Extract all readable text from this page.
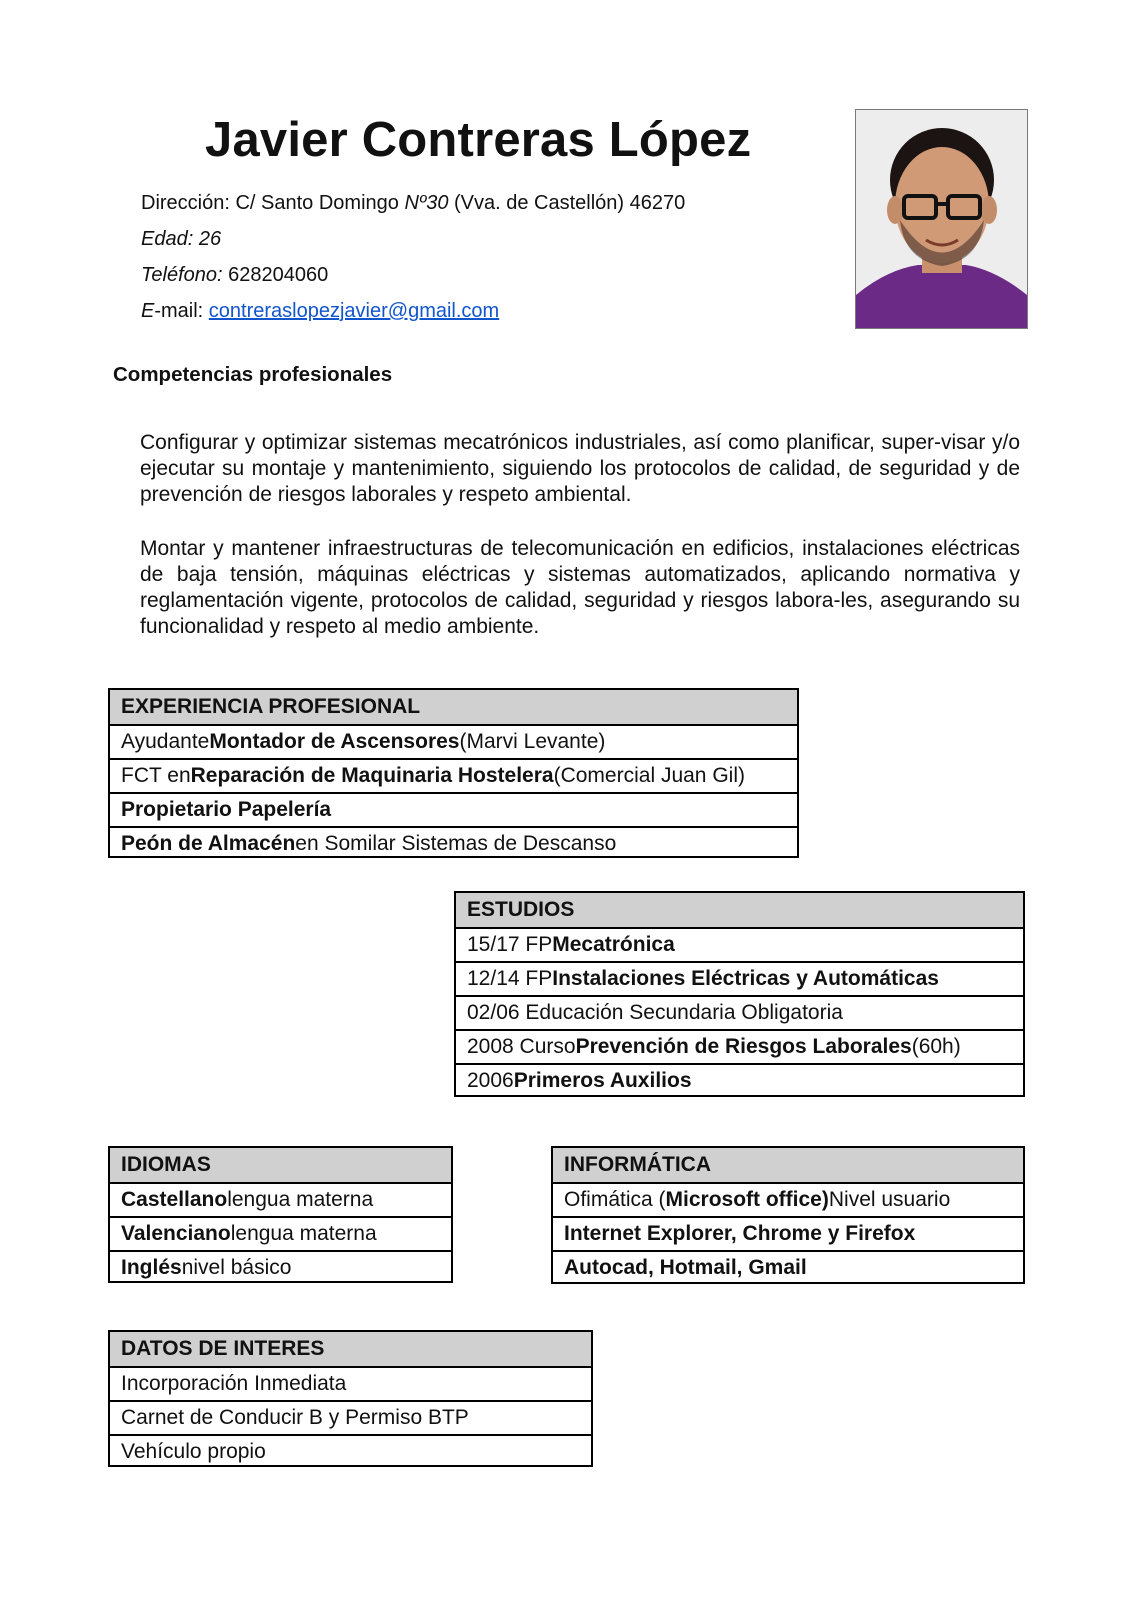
Javier Contreras López
Dirección: C/ Santo Domingo Nº30 (Vva. de Castellón) 46270
Edad: 26
Teléfono: 628204060
E-mail: contreraslopezjavier@gmail.com
Competencias profesionales
Configurar y optimizar sistemas mecatrónicos industriales, así como planificar, super-visar y/o ejecutar su montaje y mantenimiento, siguiendo los protocolos de calidad, de seguridad y de prevención de riesgos laborales y respeto ambiental.
Montar y mantener infraestructuras de telecomunicación en edificios, instalaciones eléctricas de baja tensión, máquinas eléctricas y sistemas automatizados, aplicando normativa y reglamentación vigente, protocolos de calidad, seguridad y riesgos labora-les, asegurando su funcionalidad y respeto al medio ambiente.
EXPERIENCIA PROFESIONAL
Ayudante Montador de Ascensores (Marvi Levante)
FCT en Reparación de Maquinaria Hostelera (Comercial Juan Gil)
Propietario Papelería
Peón de Almacén en Somilar Sistemas de Descanso
ESTUDIOS
15/17 FP Mecatrónica
12/14 FP Instalaciones Eléctricas y Automáticas
02/06 Educación Secundaria Obligatoria
2008 Curso Prevención de Riesgos Laborales (60h)
2006 Primeros Auxilios
IDIOMAS
Castellano lengua materna
Valenciano lengua materna
Inglés nivel básico
INFORMÁTICA
Ofimática ( Microsoft office) Nivel usuario
Internet Explorer, Chrome y Firefox
Autocad, Hotmail, Gmail
DATOS DE INTERES
Incorporación Inmediata
Carnet de Conducir B y Permiso BTP
Vehículo propio
